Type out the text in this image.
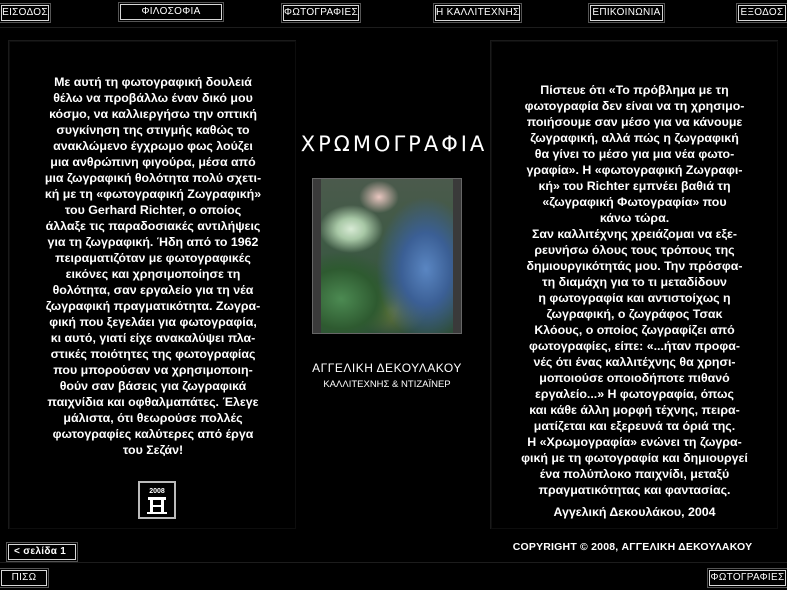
ΕΙΣΟΔΟΣ	ΦΙΛΟΣΟΦΙΑ	ΦΩΤΟΓΡΑΦΙΕΣ	Η ΚΑΛΛΙΤΕΧΝΗΣ	ΕΠΙΚΟΙΝΩΝΙΑ	ΕΞΟΔΟΣ

Με αυτή τη φωτογραφική δουλειά

θέλω να προβάλλω έναν δικό μου

κόσμο, να καλλιεργήσω την οπτική

συγκίνηση της στιγμής καθώς το

ανακλώμενο έγχρωμο φως λούζει

μια ανθρώπινη φιγούρα, μέσα από

μια ζωγραφική θολότητα πολύ σχετι-

κή με τη «φωτογραφική Ζωγραφική»

του Gerhard Richter, ο οποίος

άλλαξε τις παραδοσιακές αντιλήψεις

για τη ζωγραφική. Ήδη από το 1962

πειραματιζόταν με φωτογραφικές

εικόνες και χρησιμοποίησε τη

θολότητα, σαν εργαλείο για τη νέα

ζωγραφική πραγματικότητα. Ζωγρα-

φική που ξεγελάει για φωτογραφία,

κι αυτό, γιατί είχε ανακαλύψει πλα-

στικές ποιότητες της φωτογραφίας

που μπορούσαν να χρησιμοποιη-

θούν σαν βάσεις για ζωγραφικά

παιχνίδια και οφθαλμαπάτες. Έλεγε

μάλιστα, ότι θεωρούσε πολλές

φωτογραφίες καλύτερες από έργα

του Σεζάν!

ΧΡΩΜΟΓΡΑΦΙΑ
ΑΓΓΕΛΙΚΗ ΔΕΚΟΥΛΑΚΟΥ
ΚΑΛΛΙΤΕΧΝΗΣ & ΝΤΙΖΑΪΝΕΡ
2008

Πίστευε ότι «Το πρόβλημα με τη

φωτογραφία δεν είναι να τη χρησιμο-

ποιήσουμε σαν μέσο για να κάνουμε

ζωγραφική, αλλά πώς η ζωγραφική

θα γίνει το μέσο για μια νέα φωτο-

γραφία». Η «φωτογραφική Ζωγραφι-

κή» του Richter εμπνέει βαθιά τη

«ζωγραφική Φωτογραφία» που

κάνω τώρα.

Σαν καλλιτέχνης χρειάζομαι να εξε-

ρευνήσω όλους τους τρόπους της

δημιουργικότητάς μου. Την πρόσφα-

τη διαμάχη για το τι μεταδίδουν

η φωτογραφία και αντιστοίχως η

ζωγραφική, ο ζωγράφος Τσακ

Κλόους, ο οποίος ζωγραφίζει από

φωτογραφίες, είπε: «...ήταν προφα-

νές ότι ένας καλλιτέχνης θα χρησι-

μοποιούσε οποιοδήποτε πιθανό

εργαλείο...» Η φωτογραφία, όπως

και κάθε άλλη μορφή τέχνης, πειρα-

ματίζεται και εξερευνά τα όριά της.

Η «Χρωμογραφία» ενώνει τη ζωγρα-

φική με τη φωτογραφία και δημιουργεί

ένα πολύπλοκο παιχνίδι, μεταξύ

πραγματικότητας και φαντασίας.

Αγγελική Δεκουλάκου, 2004
< σελίδα 1	COPYRIGHT © 2008, ΑΓΓΕΛΙΚΗ ΔΕΚΟΥΛΑΚΟΥ
ΠΙΣΩ	ΦΩΤΟΓΡΑΦΙΕΣ
